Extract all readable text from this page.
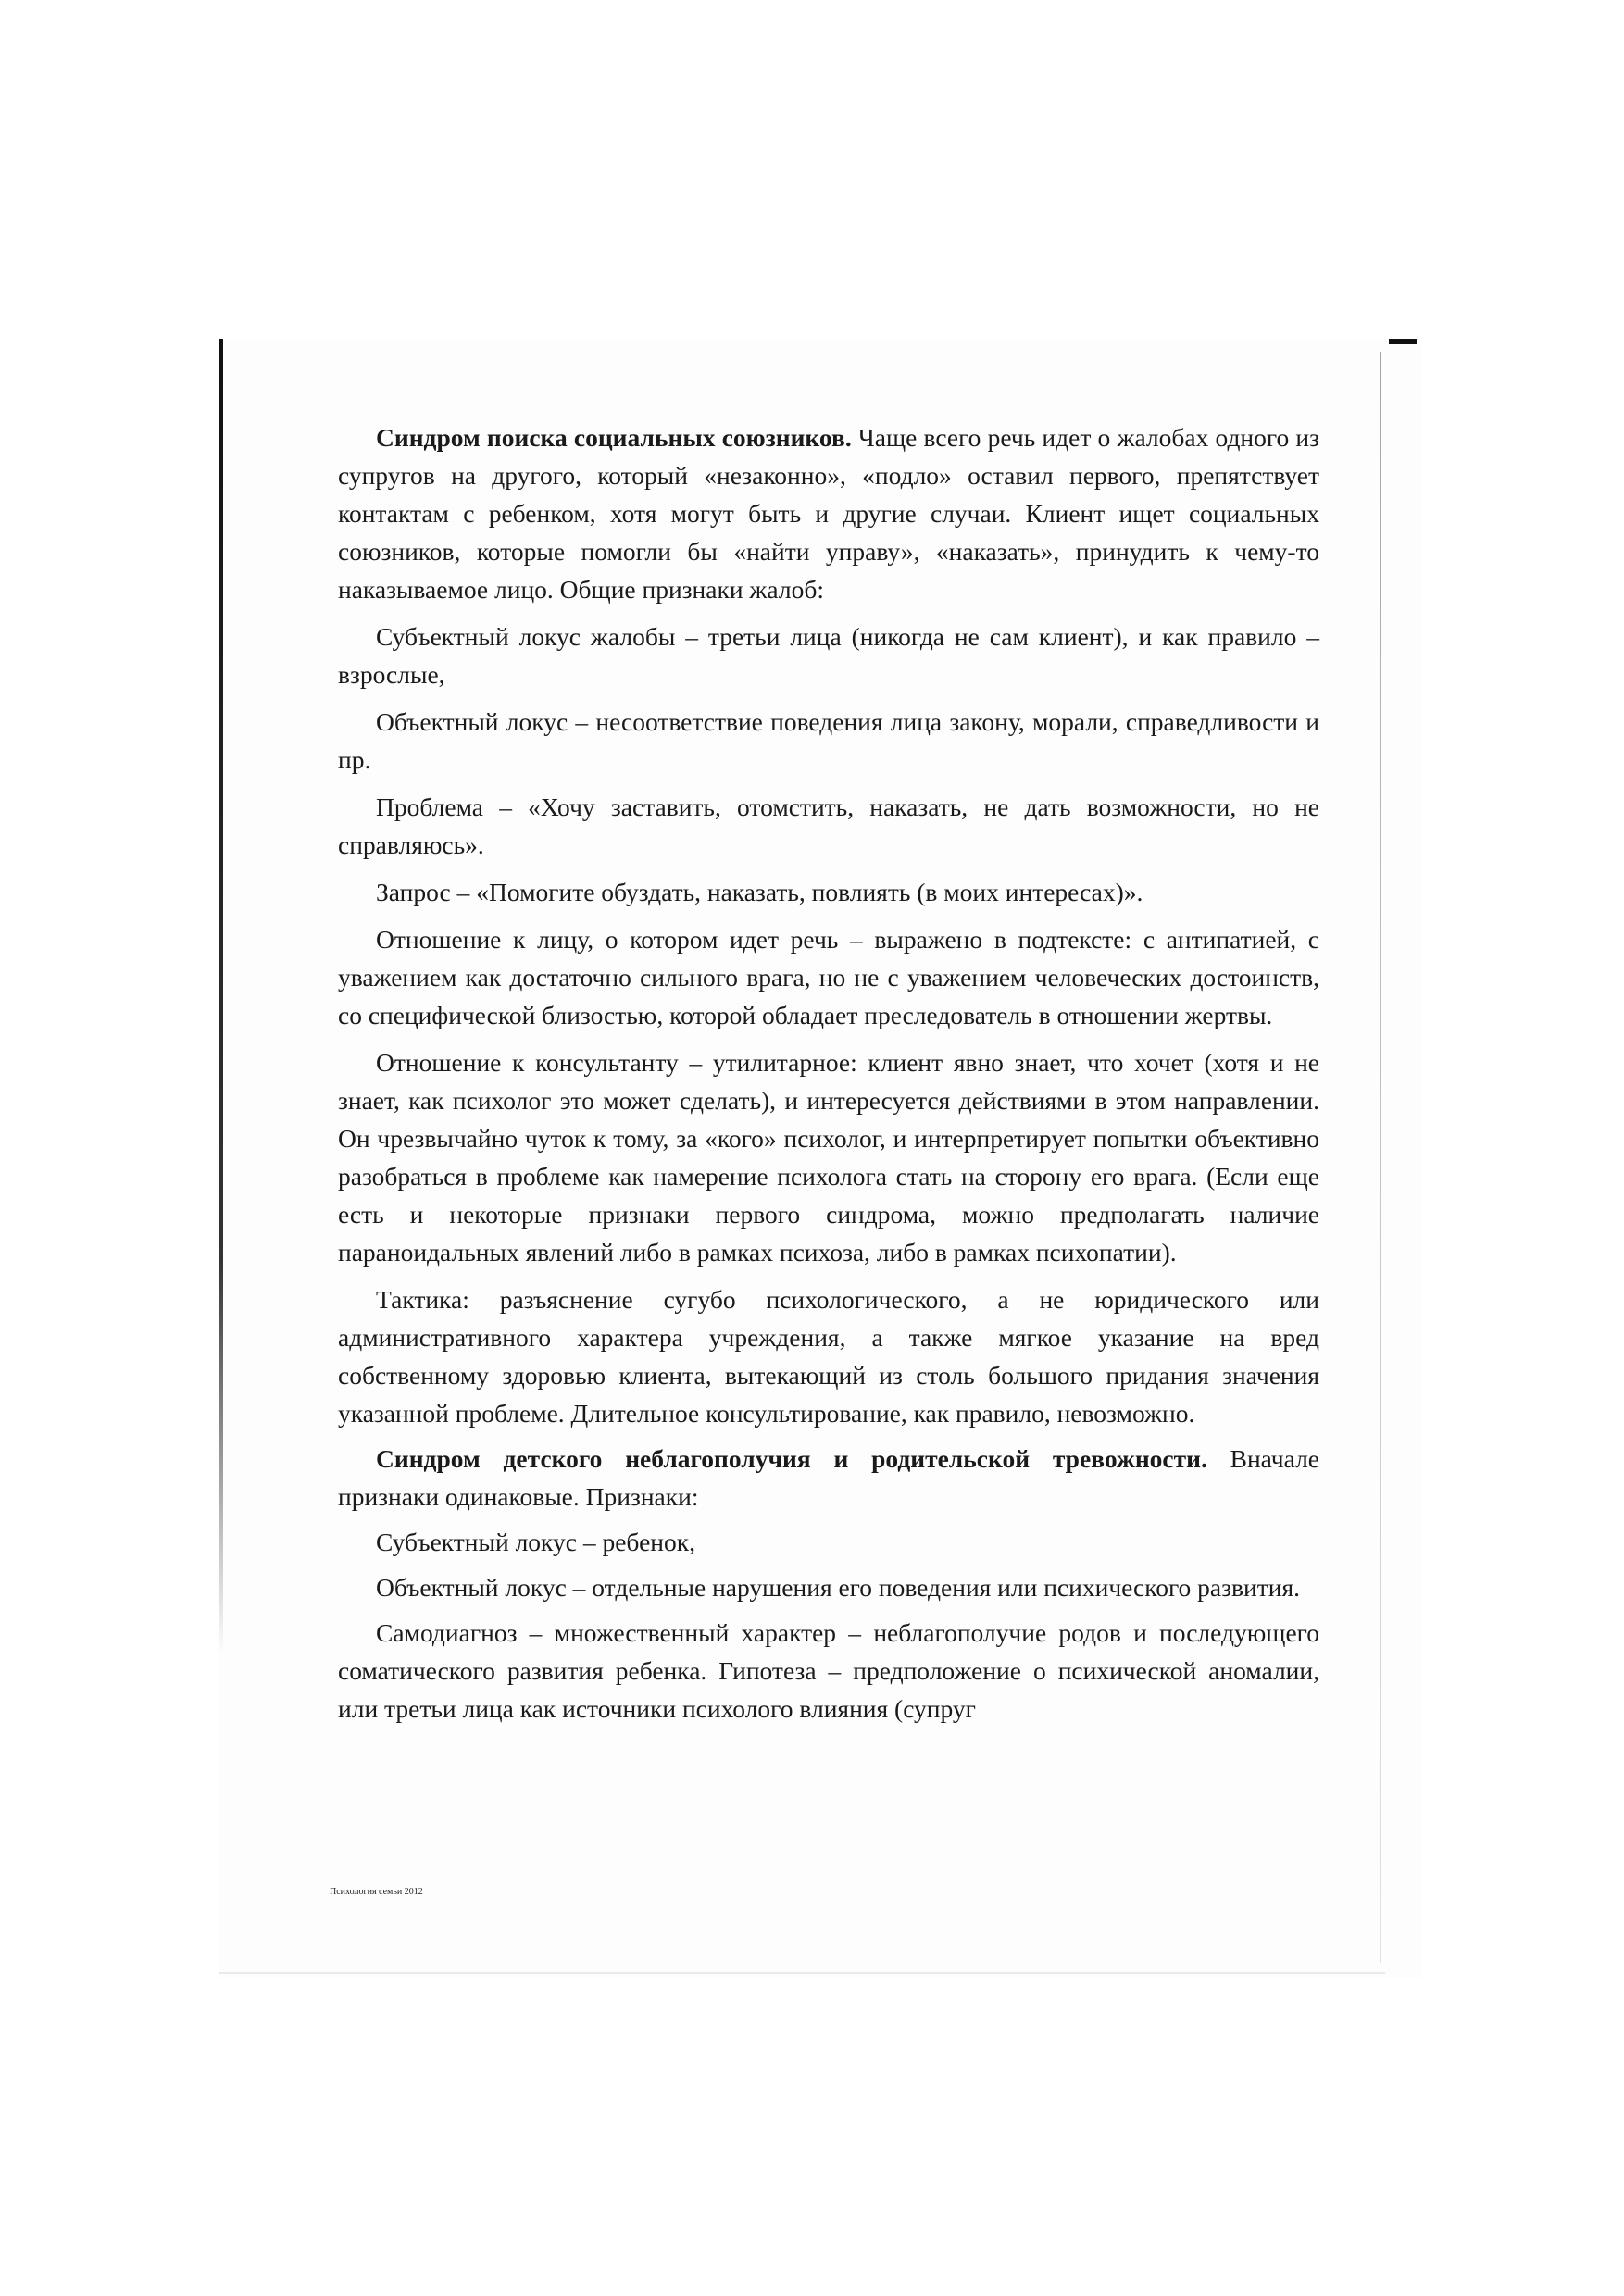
Синдром поиска социальных союзников. Чаще всего речь идет о жалобах одного из супругов на другого, который «незаконно», «подло» оставил первого, препятствует контактам с ребенком, хотя могут быть и другие случаи. Клиент ищет социальных союзников, которые помогли бы «найти управу», «наказать», принудить к чему-то наказываемое лицо. Общие признаки жалоб:

Субъектный локус жалобы – третьи лица (никогда не сам клиент), и как правило – взрослые,

Объектный локус – несоответствие поведения лица закону, морали, справедливости и пр.

Проблема – «Хочу заставить, отомстить, наказать, не дать возможности, но не справляюсь».

Запрос – «Помогите обуздать, наказать, повлиять (в моих интересах)».

Отношение к лицу, о котором идет речь – выражено в подтексте: с антипатией, с уважением как достаточно сильного врага, но не с уважением человеческих достоинств, со специфической близостью, которой обладает преследователь в отношении жертвы.

Отношение к консультанту – утилитарное: клиент явно знает, что хочет (хотя и не знает, как психолог это может сделать), и интересуется действиями в этом направлении. Он чрезвычайно чуток к тому, за «кого» психолог, и интерпретирует попытки объективно разобраться в проблеме как намерение психолога стать на сторону его врага. (Если еще есть и некоторые признаки первого синдрома, можно предполагать наличие параноидальных явлений либо в рамках психоза, либо в рамках психопатии).

Тактика: разъяснение сугубо психологического, а не юридического или административного характера учреждения, а также мягкое указание на вред собственному здоровью клиента, вытекающий из столь большого придания значения указанной проблеме. Длительное консультирование, как правило, невозможно.

Синдром детского неблагополучия и родительской тревожности. Вначале признаки одинаковые. Признаки:

Субъектный локус – ребенок,

Объектный локус – отдельные нарушения его поведения или психического развития.

Самодиагноз – множественный характер – неблагополучие родов и последующего соматического развития ребенка. Гипотеза – предположение о психической аномалии, или третьи лица как источники психолого влияния (супруг

Психология семьи 2012
